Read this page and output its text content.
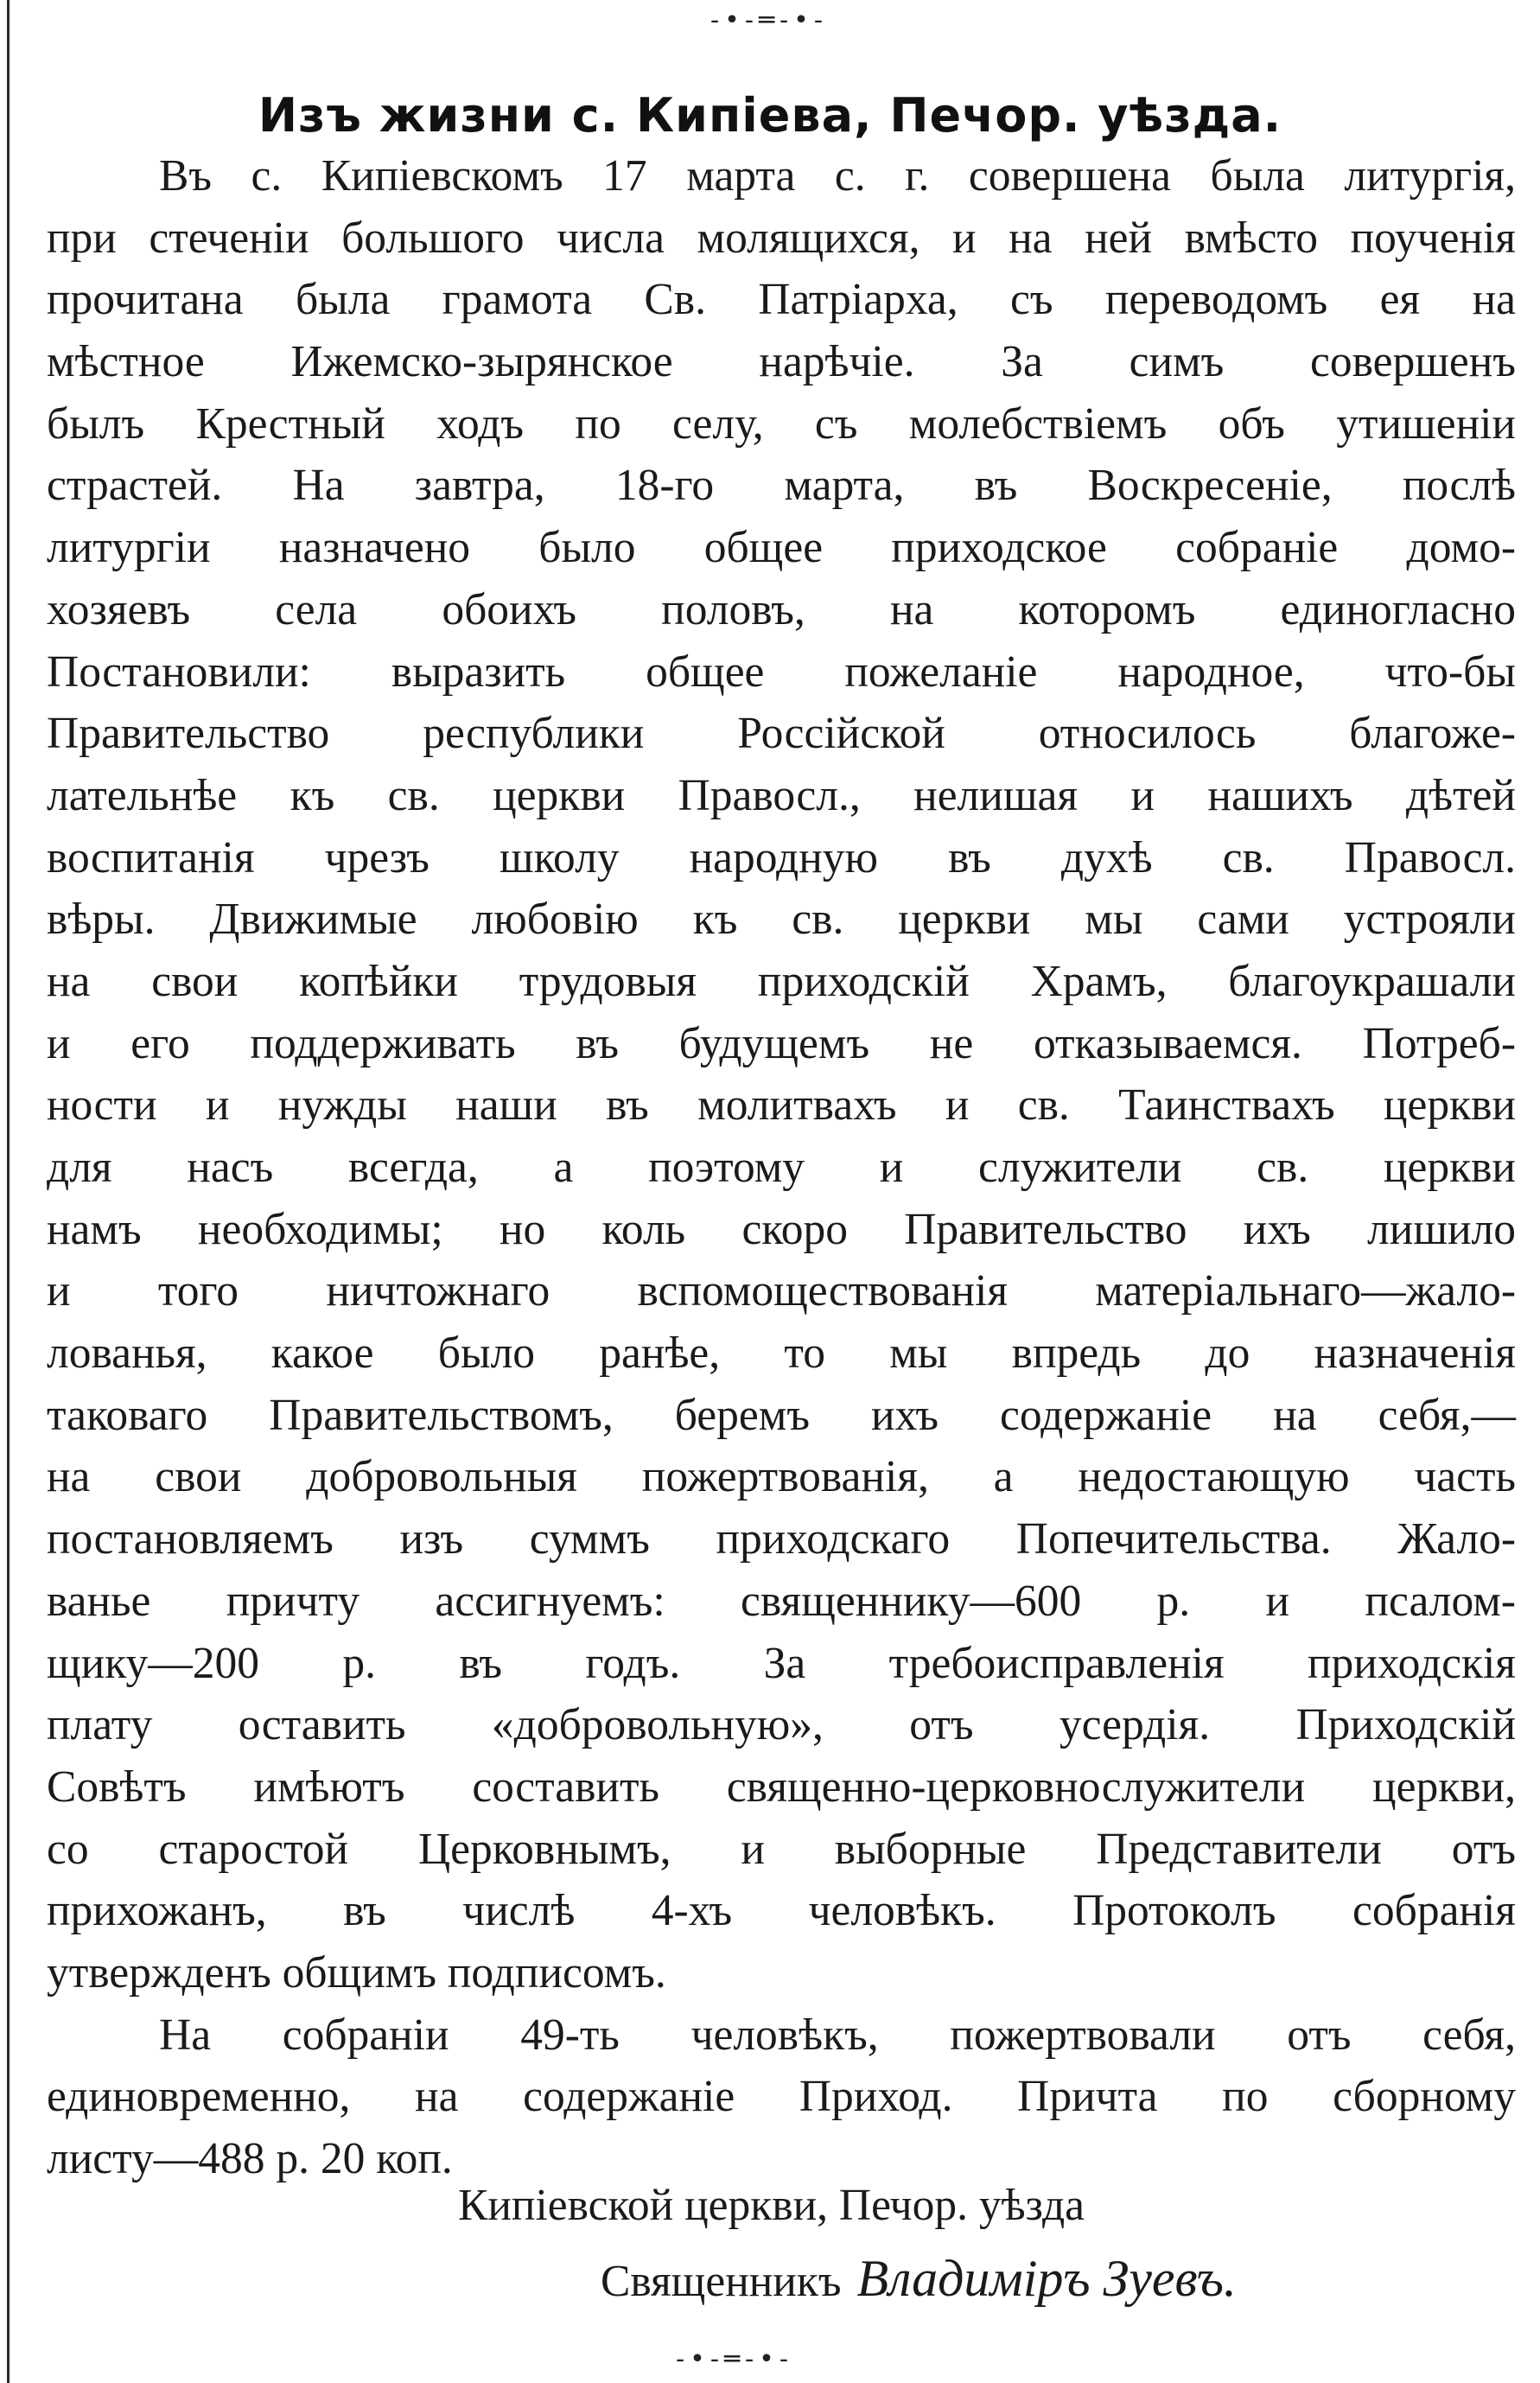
-•-═-•-
Изъ жизни с. Кипіева, Печор. уѣзда.
Въ с. Кипіевскомъ 17 марта с. г. совершена была литургія,
при стеченіи большого числа молящихся, и на ней вмѣсто поученія
прочитана была грамота Св. Патріарха, съ переводомъ ея на
мѣстное Ижемско-зырянское нарѣчіе. За симъ совершенъ
былъ Крестный ходъ по селу, съ молебствіемъ объ утишеніи
страстей. На завтра, 18-го марта, въ Воскресеніе, послѣ
литургіи назначено было общее приходское собраніе домо-
хозяевъ села обоихъ половъ, на которомъ единогласно
Постановили: выразить общее пожеланіе народное, что-бы
Правительство республики Россійской относилось благоже-
лательнѣе къ св. церкви Правосл., нелишая и нашихъ дѣтей
воспитанія чрезъ школу народную въ духѣ св. Правосл.
вѣры. Движимые любовію къ св. церкви мы сами устрояли
на свои копѣйки трудовыя приходскій Храмъ, благоукрашали
и его поддерживать въ будущемъ не отказываемся. Потреб-
ности и нужды наши въ молитвахъ и св. Таинствахъ церкви
для насъ всегда, а поэтому и служители св. церкви
намъ необходимы; но коль скоро Правительство ихъ лишило
и того ничтожнаго вспомоществованія матеріальнаго—жало-
лованья, какое было ранѣе, то мы впредь до назначенія
таковаго Правительствомъ, беремъ ихъ содержаніе на себя,—
на свои добровольныя пожертвованія, а недостающую часть
постановляемъ изъ суммъ приходскаго Попечительства. Жало-
ванье причту ассигнуемъ: священнику—600 р. и псалом-
щику—200 р. въ годъ. За требоисправленія приходскія
плату оставить «добровольную», отъ усердія. Приходскій
Совѣтъ имѣютъ составить священно-церковнослужители церкви,
со старостой Церковнымъ, и выборные Представители отъ
прихожанъ, въ числѣ 4-хъ человѣкъ. Протоколъ собранія
утвержденъ общимъ подписомъ.
На собраніи 49-ть человѣкъ, пожертвовали отъ себя,
единовременно, на содержаніе Приход. Причта по сборному
листу—488 р. 20 коп.
Кипіевской церкви, Печор. уѣзда
Священникъ Владиміръ Зуевъ.
-•-═-•-
